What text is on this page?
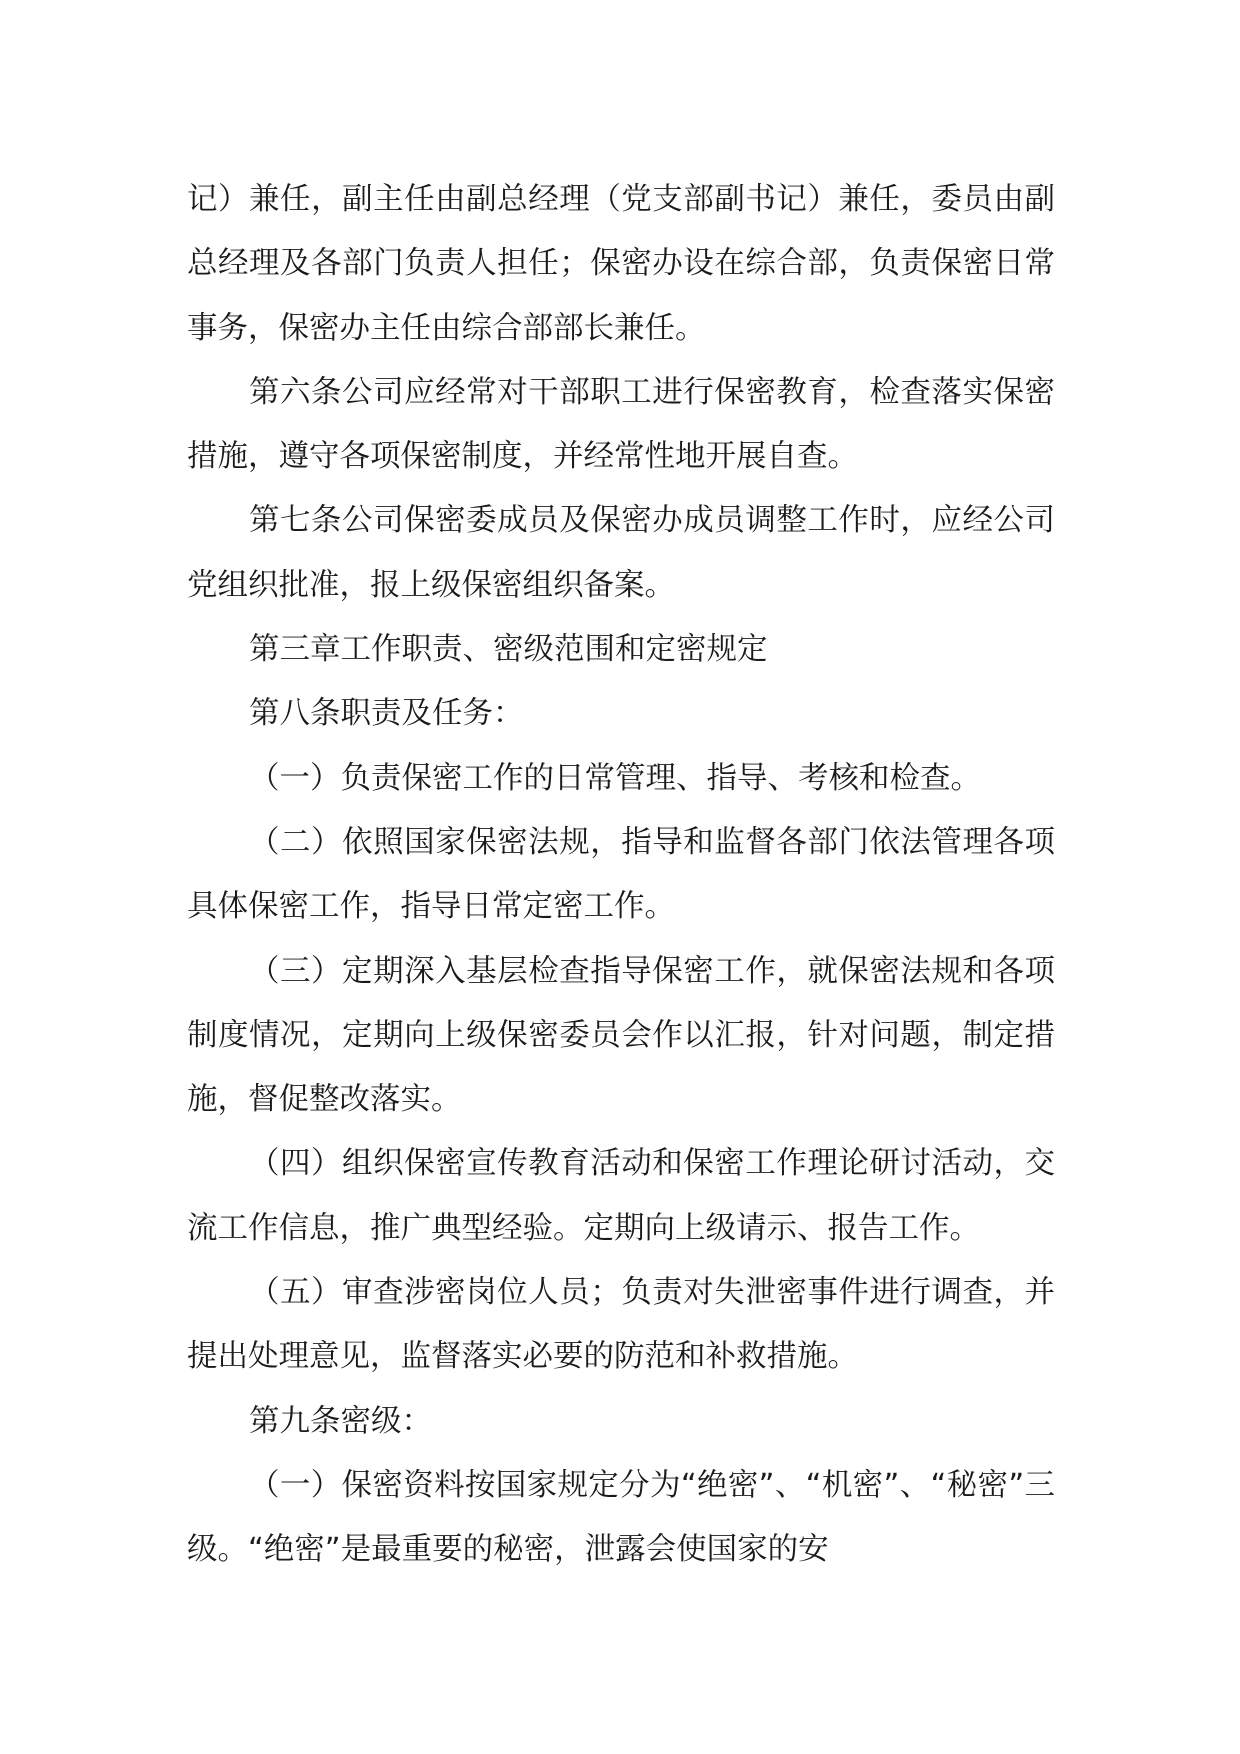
记）兼任，副主任由副总经理（党支部副书记）兼任，委员由副总经理及各部门负责人担任；保密办设在综合部，负责保密日常事务，保密办主任由综合部部长兼任。

第六条公司应经常对干部职工进行保密教育，检查落实保密措施，遵守各项保密制度，并经常性地开展自查。

第七条公司保密委成员及保密办成员调整工作时，应经公司党组织批准，报上级保密组织备案。

第三章工作职责、密级范围和定密规定

第八条职责及任务：

（一）负责保密工作的日常管理、指导、考核和检查。

（二）依照国家保密法规，指导和监督各部门依法管理各项具体保密工作，指导日常定密工作。

（三）定期深入基层检查指导保密工作，就保密法规和各项制度情况，定期向上级保密委员会作以汇报，针对问题，制定措施，督促整改落实。

（四）组织保密宣传教育活动和保密工作理论研讨活动，交流工作信息，推广典型经验。定期向上级请示、报告工作。

（五）审查涉密岗位人员；负责对失泄密事件进行调查，并提出处理意见，监督落实必要的防范和补救措施。

第九条密级：

（一）保密资料按国家规定分为“绝密”、“机密”、“秘密”三级。“绝密”是最重要的秘密，泄露会使国家的安
